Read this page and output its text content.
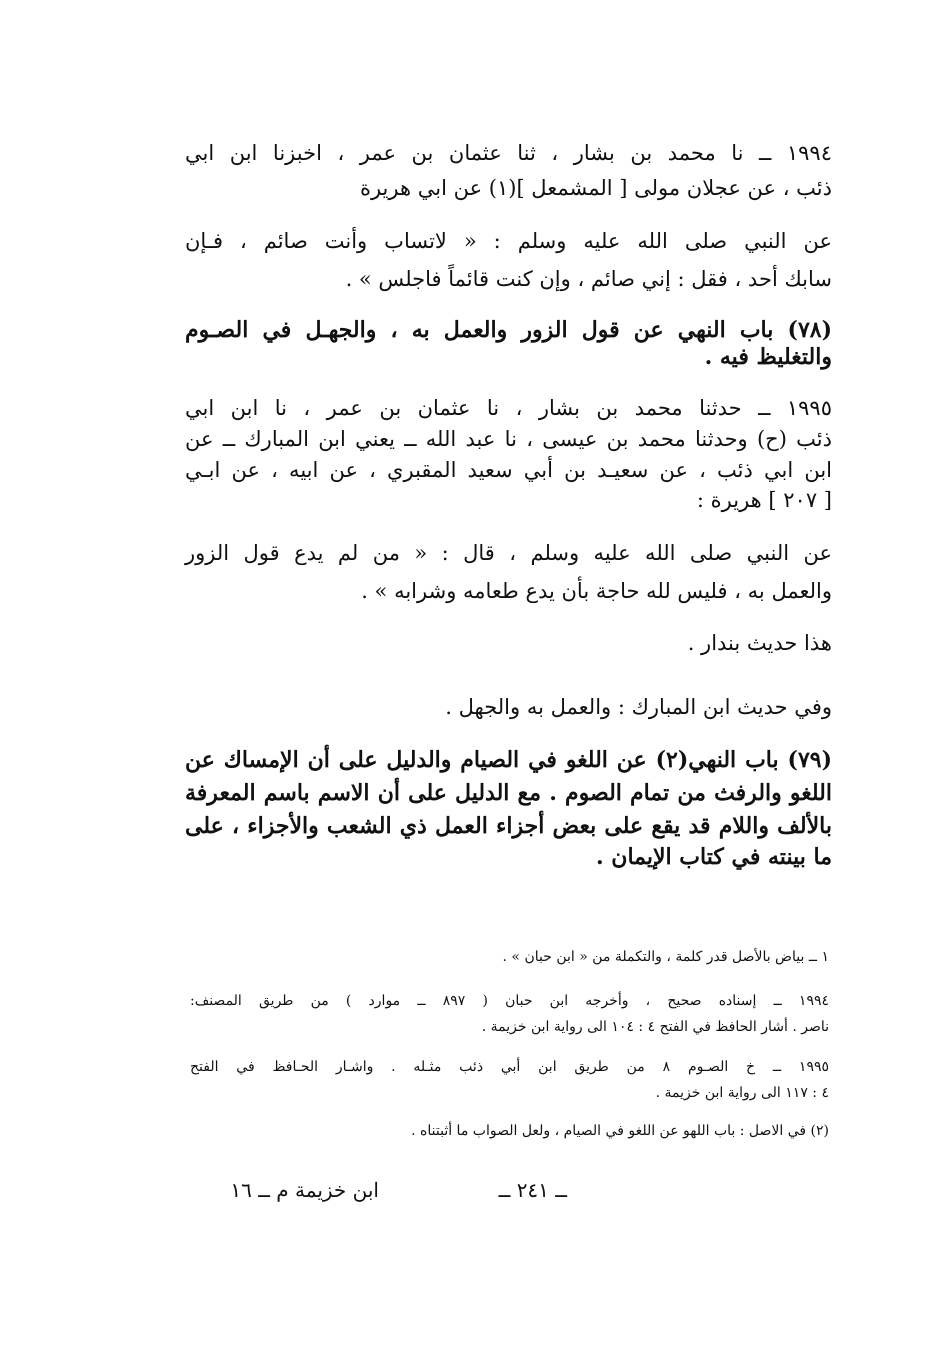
١٩٩٤ ــ نا محمد بن بشار ، ثنا عثمان بن عمر ، اخبزنا ابن ابي
ذئب ، عن عجلان مولى [ المشمعل ](١) عن ابي هريرة
عن النبي صلى الله عليه وسلم : « لاتساب وأنت صائم ، فـإن
سابك أحد ، فقل : إني صائم ، وإن كنت قائماً فاجلس » .
(٧٨) باب النهي عن قول الزور والعمل به ، والجهـل في الصـوم
والتغليظ فيه .
١٩٩٥ ــ حدثنا محمد بن بشار ، نا عثمان بن عمر ، نا ابن ابي
ذئب (ح) وحدثنا محمد بن عيسى ، نا عبد الله ــ يعني ابن المبارك ــ عن
ابن ابي ذئب ، عن سعيـد بن أبي سعيد المقبري ، عن ابيه ، عن ابـي
[ ٢٠٧ ] هريرة :
عن النبي صلى الله عليه وسلم ، قال : « من لم يدع قول الزور
والعمل به ، فليس لله حاجة بأن يدع طعامه وشرابه » .
هذا حديث بندار .
وفي حديث ابن المبارك : والعمل به والجهل .
(٧٩) باب النهي(٢) عن اللغو في الصيام والدليل على أن الإمساك عن
اللغو والرفث من تمام الصوم . مع الدليل على أن الاسم باسم المعرفة
بالألف واللام قد يقع على بعض أجزاء العمل ذي الشعب والأجزاء ، على
ما بينته في كتاب الإيمان .
١ ــ بياض بالأصل قدر كلمة ، والتكملة من « ابن حبان » .
١٩٩٤ ــ إسناده صحيح ، وأخرجه ابن حبان ( ٨٩٧ ــ موارد ) من طريق المصنف:
ناصر . أشار الحافظ في الفتح ٤ : ١٠٤ الى رواية ابن خزيمة .
١٩٩٥ ــ خ الصـوم ٨ من طريق ابن أبي ذئب مثـله . واشـار الحـافظ في الفتح
٤ : ١١٧ الى رواية ابن خزيمة .
(٢) في الاصل : باب اللهو عن اللغو في الصيام ، ولعل الصواب ما أثبتناه .
ــ ٢٤١ ــ
ابن خزيمة م ــ ١٦
